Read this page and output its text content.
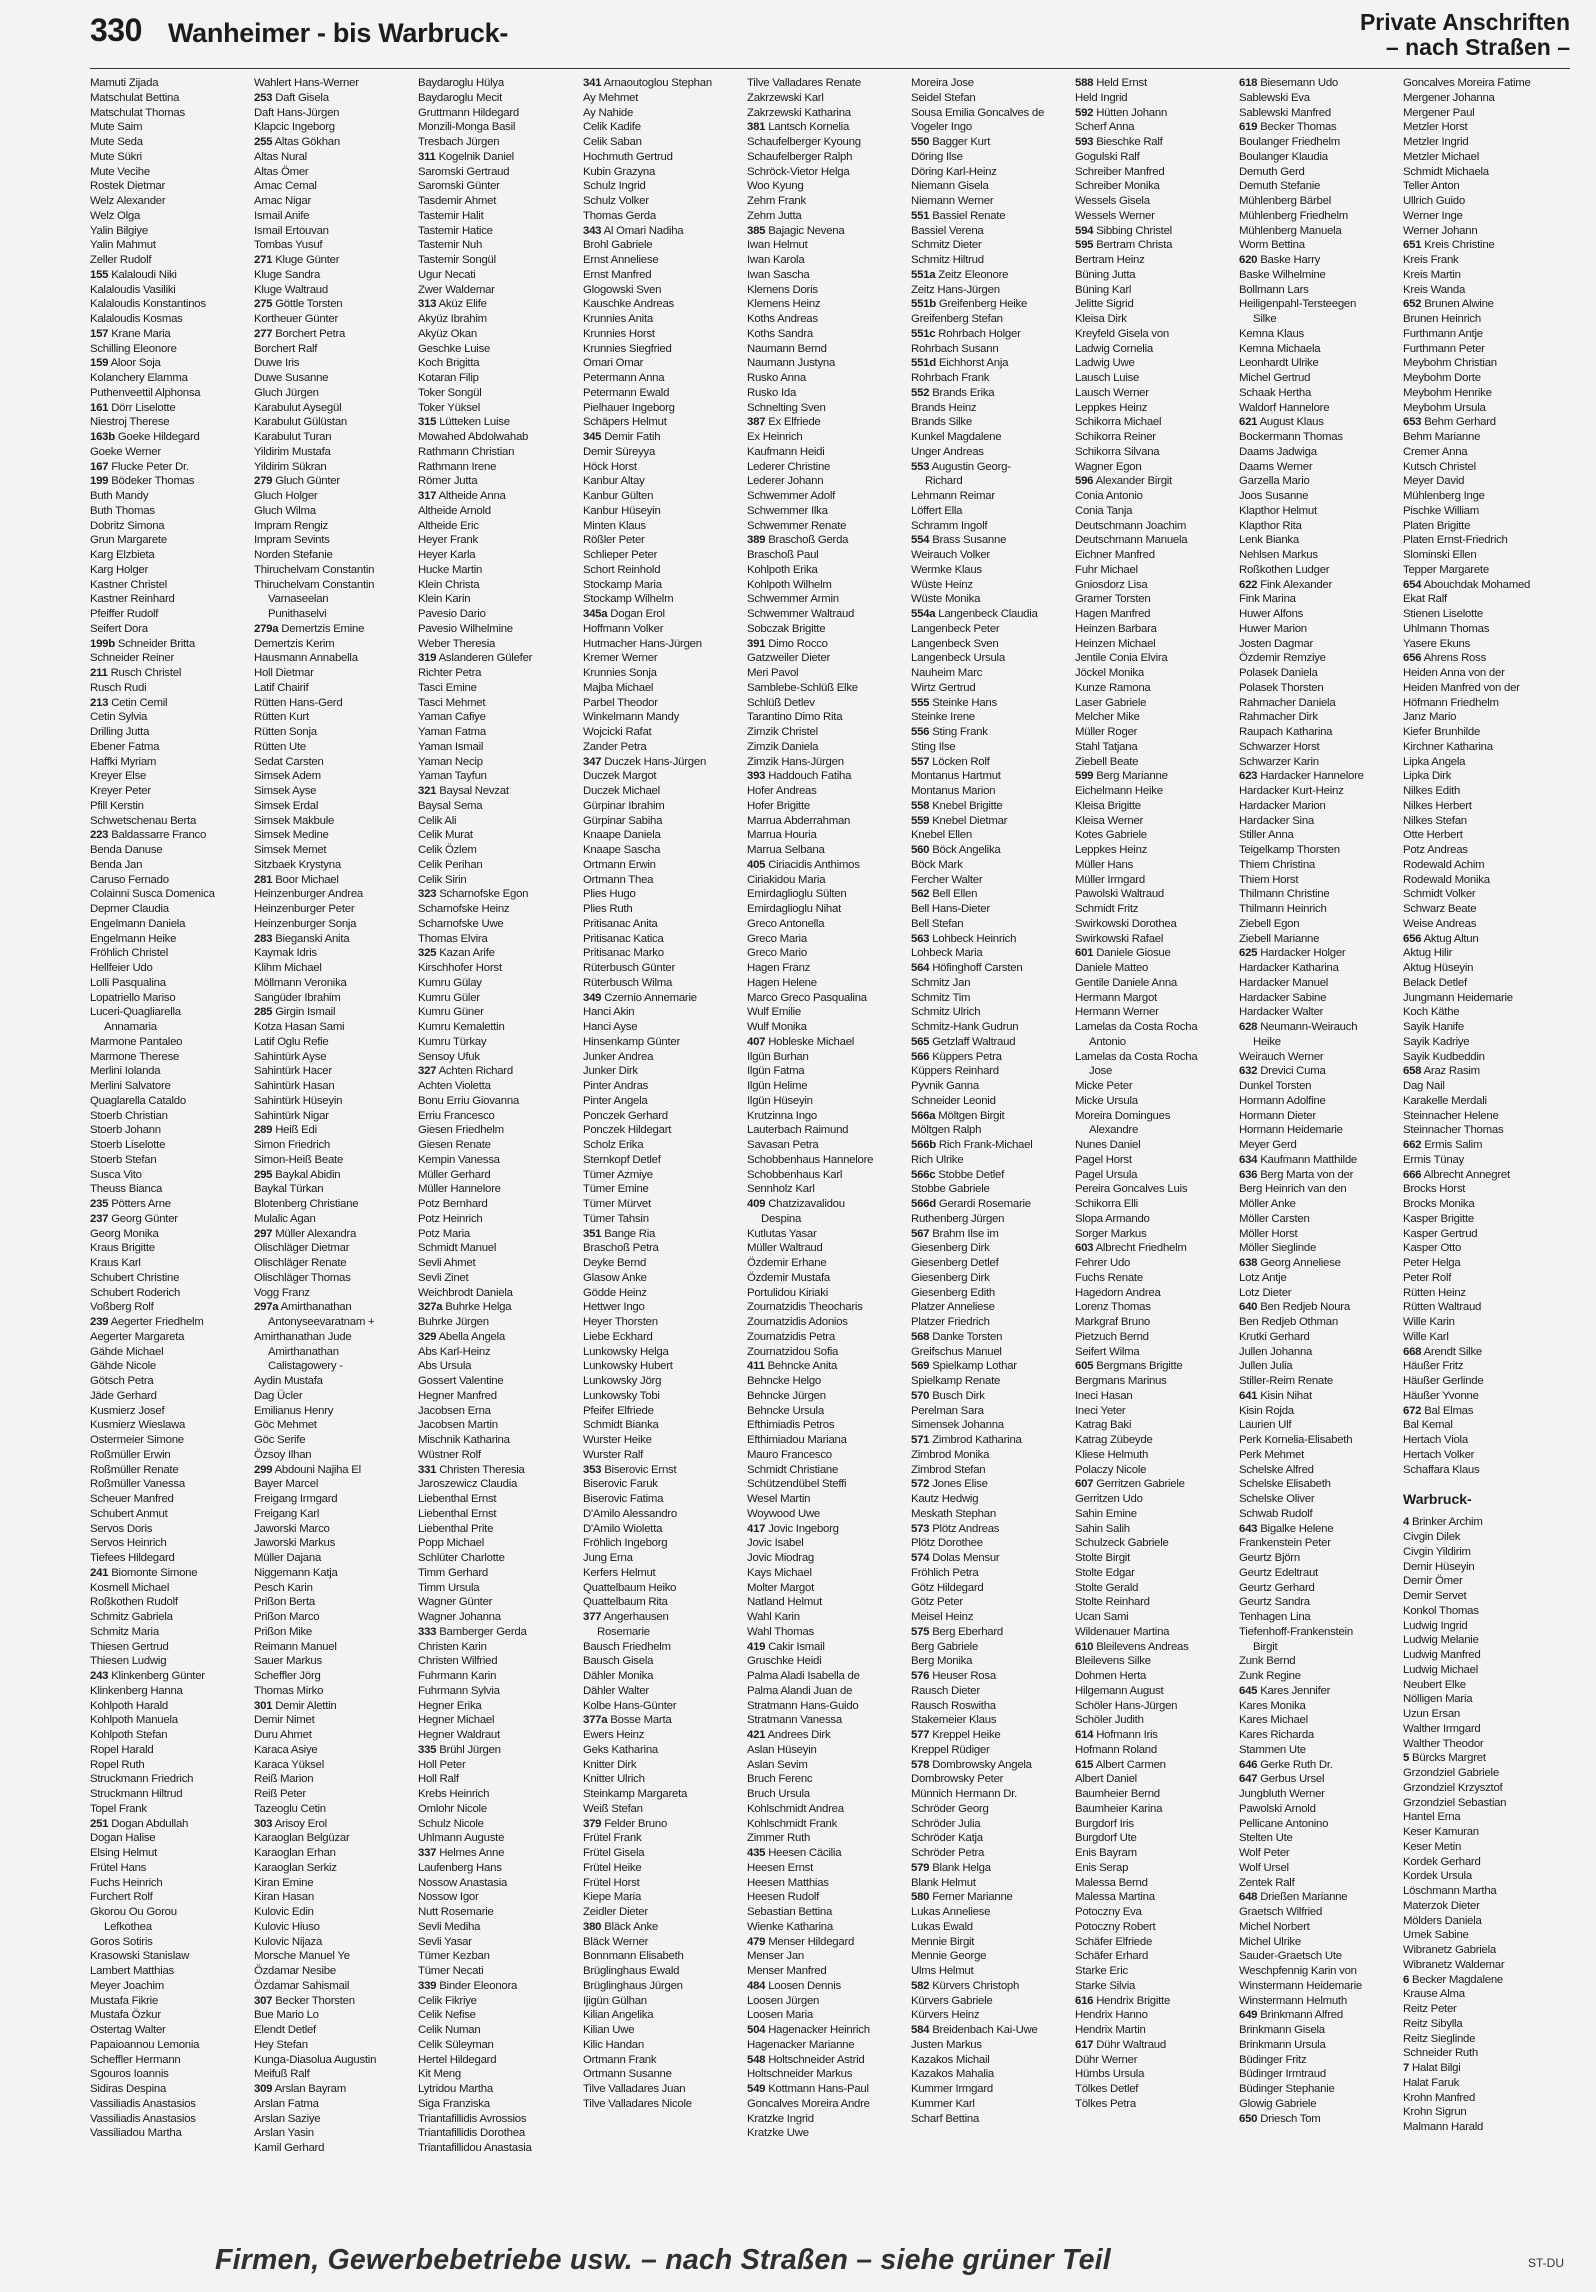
330 Wanheimer - bis Warbruck-	Private Anschriften
– nach Straßen –
Mamuti Zijada
Matschulat Bettina
Matschulat Thomas
Mute Saim
Mute Seda
Mute Sükri
Mute Vecihe
Rostek Dietmar
Welz Alexander
Welz Olga
Yalin Bilgiye
Yalin Mahmut
Zeller Rudolf
155 Kalaloudi Niki
Kalaloudis Vasiliki
Kalaloudis Konstantinos
Kalaloudis Kosmas
157 Krane Maria
Schilling Eleonore
159 Aloor Soja
Kolanchery Elamma
Puthenveettil Alphonsa
161 Dörr Liselotte
Niestroj Therese
163b Goeke Hildegard
Goeke Werner
167 Flucke Peter Dr.
199 Bödeker Thomas
Buth Mandy
Buth Thomas
Dobritz Simona
Grun Margarete
Karg Elzbieta
Karg Holger
Kastner Christel
Kastner Reinhard
Pfeiffer Rudolf
Seifert Dora
199b Schneider Britta
Schneider Reiner
211 Rusch Christel
Rusch Rudi
213 Cetin Cemil
Cetin Sylvia
Drilling Jutta
Ebener Fatma
Haffki Myriam
Kreyer Else
Kreyer Peter
Pfill Kerstin
Schwetschenau Berta
223 Baldassarre Franco
Benda Danuse
Benda Jan
Caruso Fernado
Colainni Susca Domenica
Depmer Claudia
Engelmann Daniela
Engelmann Heike
Fröhlich Christel
Hellfeier Udo
Lolli Pasqualina
Lopatriello Mariso
Luceri-Quagliarella
Annamaria
Marmone Pantaleo
Marmone Therese
Merlini Iolanda
Merlini Salvatore
Quaglarella Cataldo
Stoerb Christian
Stoerb Johann
Stoerb Liselotte
Stoerb Stefan
Susca Vito
Theuss Bianca
235 Pötters Arne
237 Georg Günter
Georg Monika
Kraus Brigitte
Kraus Karl
Schubert Christine
Schubert Roderich
Voßberg Rolf
239 Aegerter Friedhelm
Aegerter Margareta
Gähde Michael
Gähde Nicole
Götsch Petra
Jäde Gerhard
Kusmierz Josef
Kusmierz Wieslawa
Ostermeier Simone
Roßmüller Erwin
Roßmüller Renate
Roßmüller Vanessa
Scheuer Manfred
Schubert Anmut
Servos Doris
Servos Heinrich
Tiefees Hildegard
241 Biomonte Simone
Kosmell Michael
Roßkothen Rudolf
Schmitz Gabriela
Schmitz Maria
Thiesen Gertrud
Thiesen Ludwig
243 Klinkenberg Günter
Klinkenberg Hanna
Kohlpoth Harald
Kohlpoth Manuela
Kohlpoth Stefan
Ropel Harald
Ropel Ruth
Struckmann Friedrich
Struckmann Hiltrud
Topel Frank
251 Dogan Abdullah
Dogan Halise
Elsing Helmut
Frütel Hans
Fuchs Heinrich
Furchert Rolf
Gkorou Ou Gorou
Lefkothea
Goros Sotiris
Krasowski Stanislaw
Lambert Matthias
Meyer Joachim
Mustafa Fikrie
Mustafa Özkur
Ostertag Walter
Papaioannou Lemonia
Scheffler Hermann
Sgouros Ioannis
Sidiras Despina
Vassiliadis Anastasios
Vassiliadis Anastasios
Vassiliadou Martha
Wahlert Hans-Werner
253 Daft Gisela
Daft Hans-Jürgen
Klapcic Ingeborg
255 Altas Gökhan
Altas Nural
Altas Ömer
Amac Cemal
Amac Nigar
Ismail Anife
Ismail Ertouvan
Tombas Yusuf
271 Kluge Günter
Kluge Sandra
Kluge Waltraud
275 Göttle Torsten
Kortheuer Günter
277 Borchert Petra
Borchert Ralf
Duwe Iris
Duwe Susanne
Gluch Jürgen
Karabulut Aysegül
Karabulut Gülüstan
Karabulut Turan
Yildirim Mustafa
Yildirim Sükran
279 Gluch Günter
Gluch Holger
Gluch Wilma
Impram Rengiz
Impram Sevints
Norden Stefanie
Thiruchelvam Constantin
Thiruchelvam Constantin
Varnaseelan
Punithaselvi
279a Demertzis Emine
Demertzis Kerim
Hausmann Annabella
Holl Dietmar
Latif Chairif
Rütten Hans-Gerd
Rütten Kurt
Rütten Sonja
Rütten Ute
Sedat Carsten
Simsek Adem
Simsek Ayse
Simsek Erdal
Simsek Makbule
Simsek Medine
Simsek Memet
Sitzbaek Krystyna
281 Boor Michael
Heinzenburger Andrea
Heinzenburger Peter
Heinzenburger Sonja
283 Bieganski Anita
Kaymak Idris
Klihm Michael
Möllmann Veronika
Sangüder Ibrahim
285 Girgin Ismail
Kotza Hasan Sami
Latif Oglu Refie
Sahintürk Ayse
Sahintürk Hacer
Sahintürk Hasan
Sahintürk Hüseyin
Sahintürk Nigar
289 Heiß Edi
Simon Friedrich
Simon-Heiß Beate
295 Baykal Abidin
Baykal Türkan
Blotenberg Christiane
Mulalic Agan
297 Müller Alexandra
Olischläger Dietmar
Olischläger Renate
Olischläger Thomas
Vogg Franz
297a Amirthanathan
Antonyseevaratnam +
Amirthanathan Jude
Amirthanathan
Calistagowery -
Aydin Mustafa
Dag Ücler
Emilianus Henry
Göc Mehmet
Göc Serife
Özsoy Ilhan
299 Abdouni Najiha El
Bayer Marcel
Freigang Irmgard
Freigang Karl
Jaworski Marco
Jaworski Markus
Müller Dajana
Niggemann Katja
Pesch Karin
Prißon Berta
Prißon Marco
Prißon Mike
Reimann Manuel
Sauer Markus
Scheffler Jörg
Thomas Mirko
301 Demir Alettin
Demir Nimet
Duru Ahmet
Karaca Asiye
Karaca Yüksel
Reiß Marion
Reiß Peter
Tazeoglu Cetin
303 Arisoy Erol
Karaoglan Belgüzar
Karaoglan Erhan
Karaoglan Serkiz
Kiran Emine
Kiran Hasan
Kulovic Edin
Kulovic Hiuso
Kulovic Nijaza
Morsche Manuel Ye
Özdamar Nesibe
Özdamar Sahismail
307 Becker Thorsten
Bue Mario Lo
Elendt Detlef
Hey Stefan
Kunga-Diasolua Augustin
Meifuß Ralf
309 Arslan Bayram
Arslan Fatma
Arslan Saziye
Arslan Yasin
Kamil Gerhard
Baydaroglu Hülya
Baydaroglu Mecit
Gruttmann Hildegard
Monzili-Monga Basil
Tresbach Jürgen
311 Kogelnik Daniel
Saromski Gertraud
Saromski Günter
Tasdemir Ahmet
Tastemir Halit
Tastemir Hatice
Tastemir Nuh
Tastemir Songül
Ugur Necati
Zwer Waldemar
313 Aküz Elife
Akyüz Ibrahim
Akyüz Okan
Geschke Luise
Koch Brigitta
Kotaran Filip
Toker Songül
Toker Yüksel
315 Lütteken Luise
Mowahed Abdolwahab
Rathmann Christian
Rathmann Irene
Römer Jutta
317 Altheide Anna
Altheide Arnold
Altheide Eric
Heyer Frank
Heyer Karla
Hucke Martin
Klein Christa
Klein Karin
Pavesio Dario
Pavesio Wilhelmine
Weber Theresia
319 Aslanderen Gülefer
Richter Petra
Tasci Emine
Tasci Mehmet
Yaman Cafiye
Yaman Fatma
Yaman Ismail
Yaman Necip
Yaman Tayfun
321 Baysal Nevzat
Baysal Sema
Celik Ali
Celik Murat
Celik Özlem
Celik Perihan
Celik Sirin
323 Scharnofske Egon
Scharnofske Heinz
Scharnofske Uwe
Thomas Elvira
325 Kazan Arife
Kirschhofer Horst
Kumru Gülay
Kumru Güler
Kumru Güner
Kumru Kemalettin
Kumru Türkay
Sensoy Ufuk
327 Achten Richard
Achten Violetta
Bonu Erriu Giovanna
Erriu Francesco
Giesen Friedhelm
Giesen Renate
Kempin Vanessa
Müller Gerhard
Müller Hannelore
Potz Bernhard
Potz Heinrich
Potz Maria
Schmidt Manuel
Sevli Ahmet
Sevli Zinet
Weichbrodt Daniela
327a Buhrke Helga
Buhrke Jürgen
329 Abella Angela
Abs Karl-Heinz
Abs Ursula
Gossert Valentine
Hegner Manfred
Jacobsen Erna
Jacobsen Martin
Mischnik Katharina
Wüstner Rolf
331 Christen Theresia
Jaroszewicz Claudia
Liebenthal Ernst
Liebenthal Ernst
Liebenthal Prite
Popp Michael
Schlüter Charlotte
Timm Gerhard
Timm Ursula
Wagner Günter
Wagner Johanna
333 Bamberger Gerda
Christen Karin
Christen Wilfried
Fuhrmann Karin
Fuhrmann Sylvia
Hegner Erika
Hegner Michael
Hegner Waldraut
335 Brühl Jürgen
Holl Peter
Holl Ralf
Krebs Heinrich
Omlohr Nicole
Schulz Nicole
Uhlmann Auguste
337 Helmes Anne
Laufenberg Hans
Nossow Anastasia
Nossow Igor
Nutt Rosemarie
Sevli Mediha
Sevli Yasar
Tümer Kezban
Tümer Necati
339 Binder Eleonora
Celik Fikriye
Celik Nefise
Celik Numan
Celik Süleyman
Hertel Hildegard
Kit Meng
Lytridou Martha
Siga Franziska
Triantafillidis Avrossios
Triantafillidis Dorothea
Triantafillidou Anastasia
341 Arnaoutoglou Stephan
Ay Mehmet
Ay Nahide
Celik Kadife
Celik Saban
Hochmuth Gertrud
Kubin Grazyna
Schulz Ingrid
Schulz Volker
Thomas Gerda
343 Al Omari Nadiha
Brohl Gabriele
Ernst Anneliese
Ernst Manfred
Glogowski Sven
Kauschke Andreas
Krunnies Anita
Krunnies Horst
Krunnies Siegfried
Omari Omar
Petermann Anna
Petermann Ewald
Pielhauer Ingeborg
Schäpers Helmut
345 Demir Fatih
Demir Süreyya
Höck Horst
Kanbur Altay
Kanbur Gülten
Kanbur Hüseyin
Minten Klaus
Rößler Peter
Schlieper Peter
Schort Reinhold
Stockamp Maria
Stockamp Wilhelm
345a Dogan Erol
Hoffmann Volker
Hutmacher Hans-Jürgen
Kremer Werner
Krunnies Sonja
Majba Michael
Parbel Theodor
Winkelmann Mandy
Wojcicki Rafat
Zander Petra
347 Duczek Hans-Jürgen
Duczek Margot
Duczek Michael
Gürpinar Ibrahim
Gürpinar Sabiha
Knaape Daniela
Knaape Sascha
Ortmann Erwin
Ortmann Thea
Plies Hugo
Plies Ruth
Pritisanac Anita
Pritisanac Katica
Pritisanac Marko
Rüterbusch Günter
Rüterbusch Wilma
349 Czernio Annemarie
Hanci Akin
Hanci Ayse
Hinsenkamp Günter
Junker Andrea
Junker Dirk
Pinter Andras
Pinter Angela
Ponczek Gerhard
Ponczek Hildegart
Scholz Erika
Sternkopf Detlef
Tümer Azmiye
Tümer Emine
Tümer Mürvet
Tümer Tahsin
351 Bange Ria
Braschoß Petra
Deyke Bernd
Glasow Anke
Gödde Heinz
Hettwer Ingo
Heyer Thorsten
Liebe Eckhard
Lunkowsky Helga
Lunkowsky Hubert
Lunkowsky Jörg
Lunkowsky Tobi
Pfeifer Elfriede
Schmidt Bianka
Wurster Heike
Wurster Ralf
353 Biserovic Ernst
Biserovic Faruk
Biserovic Fatima
D'Amilo Alessandro
D'Amilo Wioletta
Fröhlich Ingeborg
Jung Erna
Kerfers Helmut
Quattelbaum Heiko
Quattelbaum Rita
377 Angerhausen
Rosemarie
Bausch Friedhelm
Bausch Gisela
Dähler Monika
Dähler Walter
Kolbe Hans-Günter
377a Bosse Marta
Ewers Heinz
Geks Katharina
Knitter Dirk
Knitter Ulrich
Steinkamp Margareta
Weiß Stefan
379 Felder Bruno
Frütel Frank
Frütel Gisela
Frütel Heike
Frütel Horst
Kiepe Maria
Zeidler Dieter
380 Bläck Anke
Bläck Werner
Bonnmann Elisabeth
Brüglinghaus Ewald
Brüglinghaus Jürgen
Ijigün Gülhan
Kilian Angelika
Kilian Uwe
Kilic Handan
Ortmann Frank
Ortmann Susanne
Tilve Valladares Juan
Tilve Valladares Nicole
Tilve Valladares Renate
Zakrzewski Karl
Zakrzewski Katharina
381 Lantsch Kornelia
Schaufelberger Kyoung
Schaufelberger Ralph
Schröck-Vietor Helga
Woo Kyung
Zehm Frank
Zehm Jutta
385 Bajagic Nevena
Iwan Helmut
Iwan Karola
Iwan Sascha
Klemens Doris
Klemens Heinz
Koths Andreas
Koths Sandra
Naumann Bernd
Naumann Justyna
Rusko Anna
Rusko Ida
Schnelting Sven
387 Ex Elfriede
Ex Heinrich
Kaufmann Heidi
Lederer Christine
Lederer Johann
Schwemmer Adolf
Schwemmer Ilka
Schwemmer Renate
389 Braschoß Gerda
Braschoß Paul
Kohlpoth Erika
Kohlpoth Wilhelm
Schwemmer Armin
Schwemmer Waltraud
Sobczak Brigitte
391 Dimo Rocco
Gatzweiler Dieter
Meri Pavol
Samblebe-Schlüß Elke
Schlüß Detlev
Tarantino Dimo Rita
Zimzik Christel
Zimzik Daniela
Zimzik Hans-Jürgen
393 Haddouch Fatiha
Hofer Andreas
Hofer Brigitte
Marrua Abderrahman
Marrua Houria
Marrua Selbana
405 Ciriacidis Anthimos
Ciriakidou Maria
Emirdaglioglu Sülten
Emirdaglioglu Nihat
Greco Antonella
Greco Maria
Greco Mario
Hagen Franz
Hagen Helene
Marco Greco Pasqualina
Wulf Emilie
Wulf Monika
407 Hobleske Michael
Ilgün Burhan
Ilgün Fatma
Ilgün Helime
Ilgün Hüseyin
Krutzinna Ingo
Lauterbach Raimund
Savasan Petra
Schobbenhaus Hannelore
Schobbenhaus Karl
Sennholz Karl
409 Chatzizavalidou
Despina
Kutlutas Yasar
Müller Waltraud
Özdemir Erhane
Özdemir Mustafa
Portulidou Kiriaki
Zournatzidis Theocharis
Zournatzidis Adonios
Zournatzidis Petra
Zournatzidou Sofia
411 Behncke Anita
Behncke Helgo
Behncke Jürgen
Behncke Ursula
Efthimiadis Petros
Efthimiadou Mariana
Mauro Francesco
Schmidt Christiane
Schützendübel Steffi
Wesel Martin
Woywood Uwe
417 Jovic Ingeborg
Jovic Isabel
Jovic Miodrag
Kays Michael
Molter Margot
Natland Helmut
Wahl Karin
Wahl Thomas
419 Cakir Ismail
Gruschke Heidi
Palma Aladi Isabella de
Palma Alandi Juan de
Stratmann Hans-Guido
Stratmann Vanessa
421 Andrees Dirk
Aslan Hüseyin
Aslan Sevim
Bruch Ferenc
Bruch Ursula
Kohlschmidt Andrea
Kohlschmidt Frank
Zimmer Ruth
435 Heesen Cäcilia
Heesen Ernst
Heesen Matthias
Heesen Rudolf
Sebastian Bettina
Wienke Katharina
479 Menser Hildegard
Menser Jan
Menser Manfred
484 Loosen Dennis
Loosen Jürgen
Loosen Maria
504 Hagenacker Heinrich
Hagenacker Marianne
548 Holtschneider Astrid
Holtschneider Markus
549 Kottmann Hans-Paul
Goncalves Moreira Andre
Kratzke Ingrid
Kratzke Uwe
Moreira Jose
Seidel Stefan
Sousa Emilia Goncalves de
Vogeler Ingo
550 Bagger Kurt
Döring Ilse
Döring Karl-Heinz
Niemann Gisela
Niemann Werner
551 Bassiel Renate
Bassiel Verena
Schmitz Dieter
Schmitz Hiltrud
551a Zeitz Eleonore
Zeitz Hans-Jürgen
551b Greifenberg Heike
Greifenberg Stefan
551c Rohrbach Holger
Rohrbach Susann
551d Eichhorst Anja
Rohrbach Frank
552 Brands Erika
Brands Heinz
Brands Silke
Kunkel Magdalene
Unger Andreas
553 Augustin Georg-
Richard
Lehmann Reimar
Löffert Ella
Schramm Ingolf
554 Brass Susanne
Weirauch Volker
Wermke Klaus
Wüste Heinz
Wüste Monika
554a Langenbeck Claudia
Langenbeck Peter
Langenbeck Sven
Langenbeck Ursula
Nauheim Marc
Wirtz Gertrud
555 Steinke Hans
Steinke Irene
556 Sting Frank
Sting Ilse
557 Löcken Rolf
Montanus Hartmut
Montanus Marion
558 Knebel Brigitte
559 Knebel Dietmar
Knebel Ellen
560 Böck Angelika
Böck Mark
Fercher Walter
562 Bell Ellen
Bell Hans-Dieter
Bell Stefan
563 Lohbeck Heinrich
Lohbeck Maria
564 Höfinghoff Carsten
Schmitz Jan
Schmitz Tim
Schmitz Ulrich
Schmitz-Hank Gudrun
565 Getzlaff Waltraud
566 Küppers Petra
Küppers Reinhard
Pyvnik Ganna
Schneider Leonid
566a Möltgen Birgit
Möltgen Ralph
566b Rich Frank-Michael
Rich Ulrike
566c Stobbe Detlef
Stobbe Gabriele
566d Gerardi Rosemarie
Ruthenberg Jürgen
567 Brahm Ilse im
Giesenberg Dirk
Giesenberg Detlef
Giesenberg Dirk
Giesenberg Edith
Platzer Anneliese
Platzer Friedrich
568 Danke Torsten
Greifschus Manuel
569 Spielkamp Lothar
Spielkamp Renate
570 Busch Dirk
Perelman Sara
Simensek Johanna
571 Zimbrod Katharina
Zimbrod Monika
Zimbrod Stefan
572 Jones Elise
Kautz Hedwig
Meskath Stephan
573 Plötz Andreas
Plötz Dorothee
574 Dolas Mensur
Fröhlich Petra
Götz Hildegard
Götz Peter
Meisel Heinz
575 Berg Eberhard
Berg Gabriele
Berg Monika
576 Heuser Rosa
Rausch Dieter
Rausch Roswitha
Stakemeier Klaus
577 Kreppel Heike
Kreppel Rüdiger
578 Dombrowsky Angela
Dombrowsky Peter
Münnich Hermann Dr.
Schröder Georg
Schröder Julia
Schröder Katja
Schröder Petra
579 Blank Helga
Blank Helmut
580 Ferner Marianne
Lukas Anneliese
Lukas Ewald
Mennie Birgit
Mennie George
Ulms Helmut
582 Kürvers Christoph
Kürvers Gabriele
Kürvers Heinz
584 Breidenbach Kai-Uwe
Justen Markus
Kazakos Michail
Kazakos Mahalia
Kummer Irmgard
Kummer Karl
Scharf Bettina
588 Held Ernst
Held Ingrid
592 Hütten Johann
Scherf Anna
593 Bieschke Ralf
Gogulski Ralf
Schreiber Manfred
Schreiber Monika
Wessels Gisela
Wessels Werner
594 Sibbing Christel
595 Bertram Christa
Bertram Heinz
Büning Jutta
Büning Karl
Jelitte Sigrid
Kleisa Dirk
Kreyfeld Gisela von
Ladwig Cornelia
Ladwig Uwe
Lausch Luise
Lausch Werner
Leppkes Heinz
Schikorra Michael
Schikorra Reiner
Schikorra Silvana
Wagner Egon
596 Alexander Birgit
Conia Antonio
Conia Tanja
Deutschmann Joachim
Deutschmann Manuela
Eichner Manfred
Fuhr Michael
Gniosdorz Lisa
Gramer Torsten
Hagen Manfred
Heinzen Barbara
Heinzen Michael
Jentile Conia Elvira
Jöckel Monika
Kunze Ramona
Laser Gabriele
Melcher Mike
Müller Roger
Stahl Tatjana
Ziebell Beate
599 Berg Marianne
Eichelmann Heike
Kleisa Brigitte
Kleisa Werner
Kotes Gabriele
Leppkes Heinz
Müller Hans
Müller Irmgard
Pawolski Waltraud
Schmidt Fritz
Swirkowski Dorothea
Swirkowski Rafael
601 Daniele Giosue
Daniele Matteo
Gentile Daniele Anna
Hermann Margot
Hermann Werner
Lamelas da Costa Rocha
Antonio
Lamelas da Costa Rocha
Jose
Micke Peter
Micke Ursula
Moreira Domingues
Alexandre
Nunes Daniel
Pagel Horst
Pagel Ursula
Pereira Goncalves Luis
Schikorra Elli
Slopa Armando
Sorger Markus
603 Albrecht Friedhelm
Fehrer Udo
Fuchs Renate
Hagedorn Andrea
Lorenz Thomas
Markgraf Bruno
Pietzuch Bernd
Seifert Wilma
605 Bergmans Brigitte
Bergmans Marinus
Ineci Hasan
Ineci Yeter
Katrag Baki
Katrag Zübeyde
Kliese Helmuth
Polaczy Nicole
607 Gerritzen Gabriele
Gerritzen Udo
Sahin Emine
Sahin Salih
Schulzeck Gabriele
Stolte Birgit
Stolte Edgar
Stolte Gerald
Stolte Reinhard
Ucan Sami
Wildenauer Martina
610 Bleilevens Andreas
Bleilevens Silke
Dohmen Herta
Hilgemann August
Schöler Hans-Jürgen
Schöler Judith
614 Hofmann Iris
Hofmann Roland
615 Albert Carmen
Albert Daniel
Baumheier Bernd
Baumheier Karina
Burgdorf Iris
Burgdorf Ute
Enis Bayram
Enis Serap
Malessa Bernd
Malessa Martina
Potoczny Eva
Potoczny Robert
Schäfer Elfriede
Schäfer Erhard
Starke Eric
Starke Silvia
616 Hendrix Brigitte
Hendrix Hanno
Hendrix Martin
617 Dühr Waltraud
Dühr Werner
Hümbs Ursula
Tölkes Detlef
Tölkes Petra
618 Biesemann Udo
Sablewski Eva
Sablewski Manfred
619 Becker Thomas
Boulanger Friedhelm
Boulanger Klaudia
Demuth Gerd
Demuth Stefanie
Mühlenberg Bärbel
Mühlenberg Friedhelm
Mühlenberg Manuela
Worm Bettina
620 Baske Harry
Baske Wilhelmine
Bollmann Lars
Heiligenpahl-Tersteegen
Silke
Kemna Klaus
Kemna Michaela
Leonhardt Ulrike
Michel Gertrud
Schaak Hertha
Waldorf Hannelore
621 August Klaus
Bockermann Thomas
Daams Jadwiga
Daams Werner
Garzella Mario
Joos Susanne
Klapthor Helmut
Klapthor Rita
Lenk Bianka
Nehlsen Markus
Roßkothen Ludger
622 Fink Alexander
Fink Marina
Huwer Alfons
Huwer Marion
Josten Dagmar
Özdemir Remziye
Polasek Daniela
Polasek Thorsten
Rahmacher Daniela
Rahmacher Dirk
Raupach Katharina
Schwarzer Horst
Schwarzer Karin
623 Hardacker Hannelore
Hardacker Kurt-Heinz
Hardacker Marion
Hardacker Sina
Stiller Anna
Teigelkamp Thorsten
Thiem Christina
Thiem Horst
Thilmann Christine
Thilmann Heinrich
Ziebell Egon
Ziebell Marianne
625 Hardacker Holger
Hardacker Katharina
Hardacker Manuel
Hardacker Sabine
Hardacker Walter
628 Neumann-Weirauch
Heike
Weirauch Werner
632 Drevici Cuma
Dunkel Torsten
Hormann Adolfine
Hormann Dieter
Hormann Heidemarie
Meyer Gerd
634 Kaufmann Matthilde
636 Berg Marta von der
Berg Heinrich van den
Möller Anke
Möller Carsten
Möller Horst
Möller Sieglinde
638 Georg Anneliese
Lotz Antje
Lotz Dieter
640 Ben Redjeb Noura
Ben Redjeb Othman
Krutki Gerhard
Jullen Johanna
Jullen Julia
Stiller-Reim Renate
641 Kisin Nihat
Kisin Rojda
Laurien Ulf
Perk Kornelia-Elisabeth
Perk Mehmet
Schelske Alfred
Schelske Elisabeth
Schelske Oliver
Schwab Rudolf
643 Bigalke Helene
Frankenstein Peter
Geurtz Björn
Geurtz Edeltraut
Geurtz Gerhard
Geurtz Sandra
Tenhagen Lina
Tiefenhoff-Frankenstein
Birgit
Zunk Bernd
Zunk Regine
645 Kares Jennifer
Kares Monika
Kares Michael
Kares Richarda
Stammen Ute
646 Gerke Ruth Dr.
647 Gerbus Ursel
Jungbluth Werner
Pawolski Arnold
Pellicane Antonino
Stelten Ute
Wolf Peter
Wolf Ursel
Zentek Ralf
648 Drießen Marianne
Graetsch Wilfried
Michel Norbert
Michel Ulrike
Sauder-Graetsch Ute
Weschpfennig Karin von
Winstermann Heidemarie
Winstermann Helmuth
649 Brinkmann Alfred
Brinkmann Gisela
Brinkmann Ursula
Büdinger Fritz
Büdinger Irmtraud
Büdinger Stephanie
Glowig Gabriele
650 Driesch Tom
Goncalves Moreira Fatime
Mergener Johanna
Mergener Paul
Metzler Horst
Metzler Ingrid
Metzler Michael
Schmidt Michaela
Teller Anton
Ullrich Guido
Werner Inge
Werner Johann
651 Kreis Christine
Kreis Frank
Kreis Martin
Kreis Wanda
652 Brunen Alwine
Brunen Heinrich
Furthmann Antje
Furthmann Peter
Meybohm Christian
Meybohm Dorte
Meybohm Henrike
Meybohm Ursula
653 Behm Gerhard
Behm Marianne
Cremer Anna
Kutsch Christel
Meyer David
Mühlenberg Inge
Pischke William
Platen Brigitte
Platen Ernst-Friedrich
Slominski Ellen
Tepper Margarete
654 Abouchdak Mohamed
Ekat Ralf
Stienen Liselotte
Uhlmann Thomas
Yasere Ekuns
656 Ahrens Ross
Heiden Anna von der
Heiden Manfred von der
Höfmann Friedhelm
Janz Mario
Kiefer Brunhilde
Kirchner Katharina
Lipka Angela
Lipka Dirk
Nilkes Edith
Nilkes Herbert
Nilkes Stefan
Otte Herbert
Potz Andreas
Rodewald Achim
Rodewald Monika
Schmidt Volker
Schwarz Beate
Weise Andreas
656 Aktug Altun
Aktug Hilir
Aktug Hüseyin
Belack Detlef
Jungmann Heidemarie
Koch Käthe
Sayik Hanife
Sayik Kadriye
Sayik Kudbeddin
658 Araz Rasim
Dag Nail
Karakelle Merdali
Steinnacher Helene
Steinnacher Thomas
662 Ermis Salim
Ermis Tünay
666 Albrecht Annegret
Brocks Horst
Brocks Monika
Kasper Brigitte
Kasper Gertrud
Kasper Otto
Peter Helga
Peter Rolf
Rütten Heinz
Rütten Waltraud
Wille Karin
Wille Karl
668 Arendt Silke
Häußer Fritz
Häußer Gerlinde
Häußer Yvonne
672 Bal Elmas
Bal Kemal
Hertach Viola
Hertach Volker
Schaffara Klaus
Warbruck-
4 Brinker Archim
Civgin Dilek
Civgin Yildirim
Demir Hüseyin
Demir Ömer
Demir Servet
Konkol Thomas
Ludwig Ingrid
Ludwig Melanie
Ludwig Manfred
Ludwig Michael
Neubert Elke
Nölligen Maria
Uzun Ersan
Walther Irmgard
Walther Theodor
5 Bürcks Margret
Grzondziel Gabriele
Grzondziel Krzysztof
Grzondziel Sebastian
Hantel Erna
Keser Kamuran
Keser Metin
Kordek Gerhard
Kordek Ursula
Löschmann Martha
Materzok Dieter
Mölders Daniela
Umek Sabine
Wibranetz Gabriela
Wibranetz Waldemar
6 Becker Magdalene
Krause Alma
Reitz Peter
Reitz Sibylla
Reitz Sieglinde
Schneider Ruth
7 Halat Bilgi
Halat Faruk
Krohn Manfred
Krohn Sigrun
Malmann Harald
Firmen, Gewerbebetriebe usw. – nach Straßen – siehe grüner Teil	ST-DU
